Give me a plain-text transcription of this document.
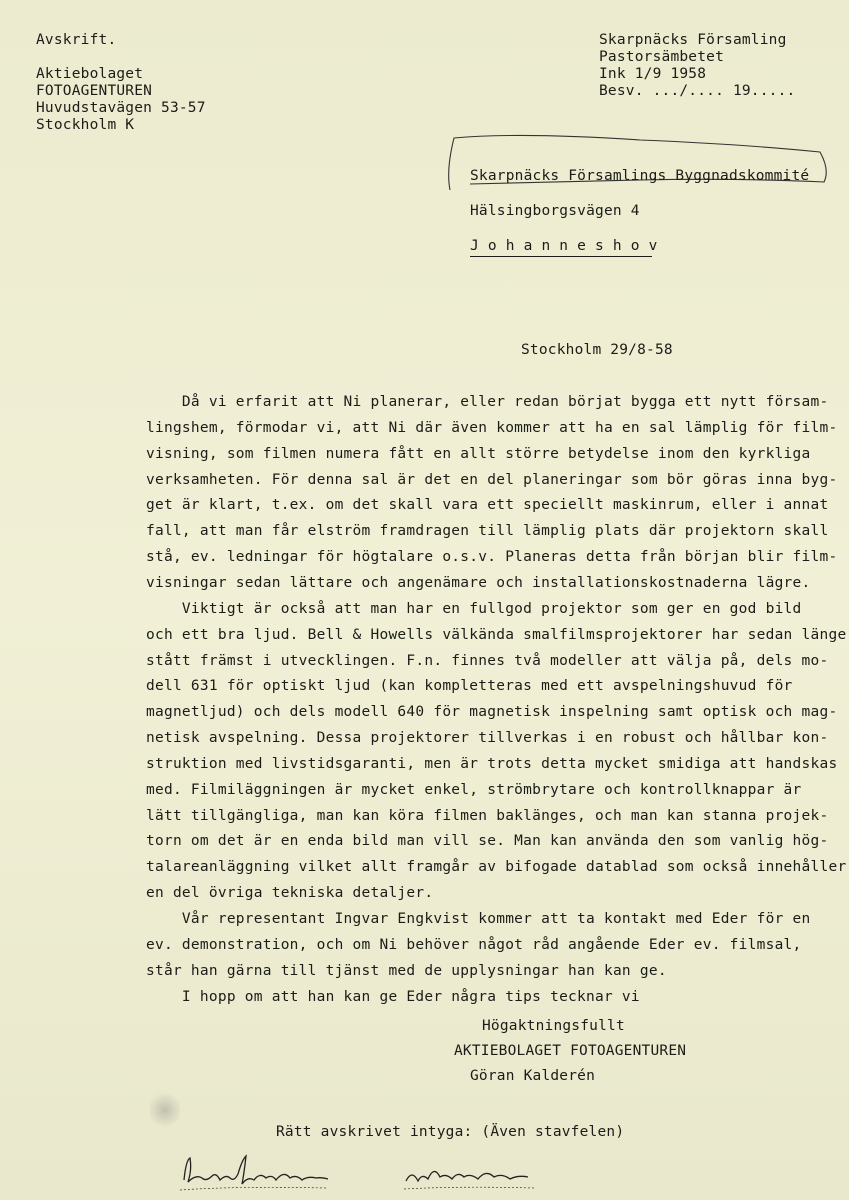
Avskrift.
Aktiebolaget
FOTOAGENTUREN
Huvudstavägen 53-57
Stockholm K
Skarpnäcks Församling
Pastorsämbetet
Ink 1/9 1958
Besv. .../.... 19.....
Skarpnäcks Församlings Byggnadskommité
Hälsingborgsvägen 4
J o h a n n e s h o v
Stockholm 29/8-58
Då vi erfarit att Ni planerar, eller redan börjat bygga ett nytt försam-
lingshem, förmodar vi, att Ni där även kommer att ha en sal lämplig för film-
visning, som filmen numera fått en allt större betydelse inom den kyrkliga
verksamheten. För denna sal är det en del planeringar som bör göras inna byg-
get är klart, t.ex. om det skall vara ett speciellt maskinrum, eller i annat
fall, att man får elström framdragen till lämplig plats där projektorn skall
stå, ev. ledningar för högtalare o.s.v. Planeras detta från början blir film-
visningar sedan lättare och angenämare och installationskostnaderna lägre.
Viktigt är också att man har en fullgod projektor som ger en god bild
och ett bra ljud. Bell & Howells välkända smalfilmsprojektorer har sedan länge
stått främst i utvecklingen. F.n. finnes två modeller att välja på, dels mo-
dell 631 för optiskt ljud (kan kompletteras med ett avspelningshuvud för
magnetljud) och dels modell 640 för magnetisk inspelning samt optisk och mag-
netisk avspelning. Dessa projektorer tillverkas i en robust och hållbar kon-
struktion med livstidsgaranti, men är trots detta mycket smidiga att handskas
med. Filmiläggningen är mycket enkel, strömbrytare och kontrollknappar är
lätt tillgängliga, man kan köra filmen baklänges, och man kan stanna projek-
torn om det är en enda bild man vill se. Man kan använda den som vanlig hög-
talareanläggning vilket allt framgår av bifogade datablad som också innehåller
en del övriga tekniska detaljer.
Vår representant Ingvar Engkvist kommer att ta kontakt med Eder för en
ev. demonstration, och om Ni behöver något råd angående Eder ev. filmsal,
står han gärna till tjänst med de upplysningar han kan ge.
I hopp om att han kan ge Eder några tips tecknar vi
Högaktningsfullt
AKTIEBOLAGET FOTOAGENTUREN
Göran Kalderén
Rätt avskrivet intyga: (Även stavfelen)
